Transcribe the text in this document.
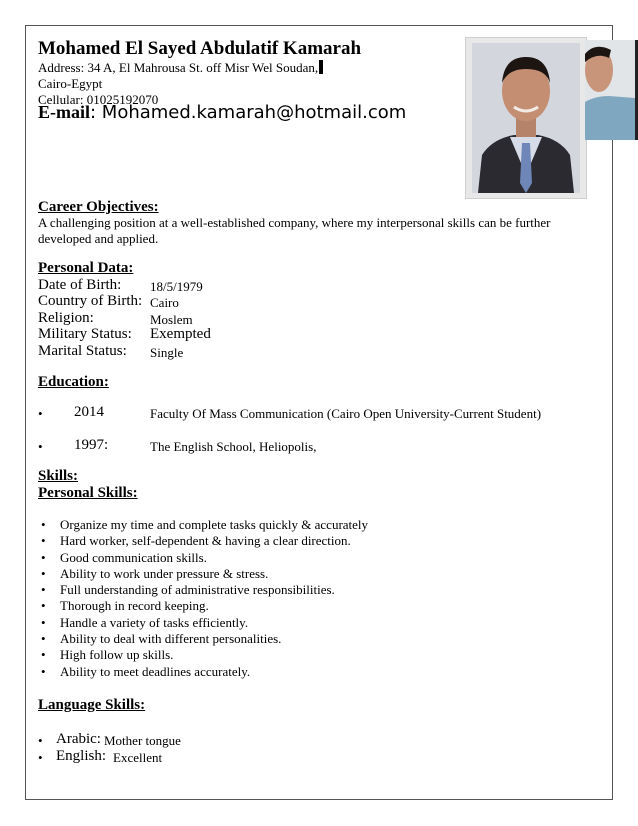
Mohamed El Sayed Abdulatif Kamarah
Address: 34 A, El Mahrousa St. off Misr Wel Soudan,
Cairo-Egypt
Cellular: 01025192070
E-mail: Mohamed.kamarah@hotmail.com
Career Objectives:
A challenging position at a well-established company, where my interpersonal skills can be further developed and applied.
Personal Data:
Date of Birth: 18/5/1979
Country of Birth: Cairo
Religion:	Moslem
Military Status: Exempted
Marital Status: Single
Education:
• 2014	Faculty Of Mass Communication (Cairo Open University-Current Student)
• 1997:	The English School, Heliopolis,
Skills:
Personal Skills:
• Organize my time and complete tasks quickly & accurately
• Hard worker, self-dependent & having a clear direction.
• Good communication skills.
• Ability to work under pressure & stress.
• Full understanding of administrative responsibilities.
• Thorough in record keeping.
• Handle a variety of tasks efficiently.
• Ability to deal with different personalities.
• High follow up skills.
• Ability to meet deadlines accurately.
Language Skills:
• Arabic: Mother tongue
• English: Excellent
